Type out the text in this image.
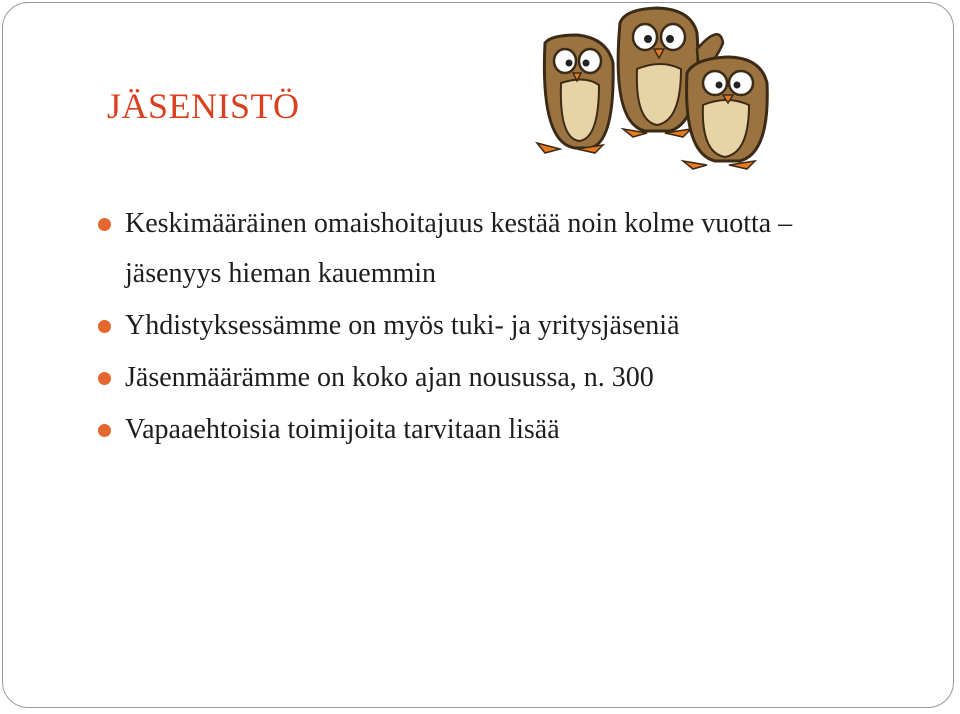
JÄSENISTÖ
Keskimääräinen omaishoitajuus kestää noin kolme vuotta – jäsenyys hieman kauemmin
Yhdistyksessämme on myös tuki- ja yritysjäseniä
Jäsenmäärämme on koko ajan nousussa, n. 300
Vapaaehtoisia toimijoita tarvitaan lisää
